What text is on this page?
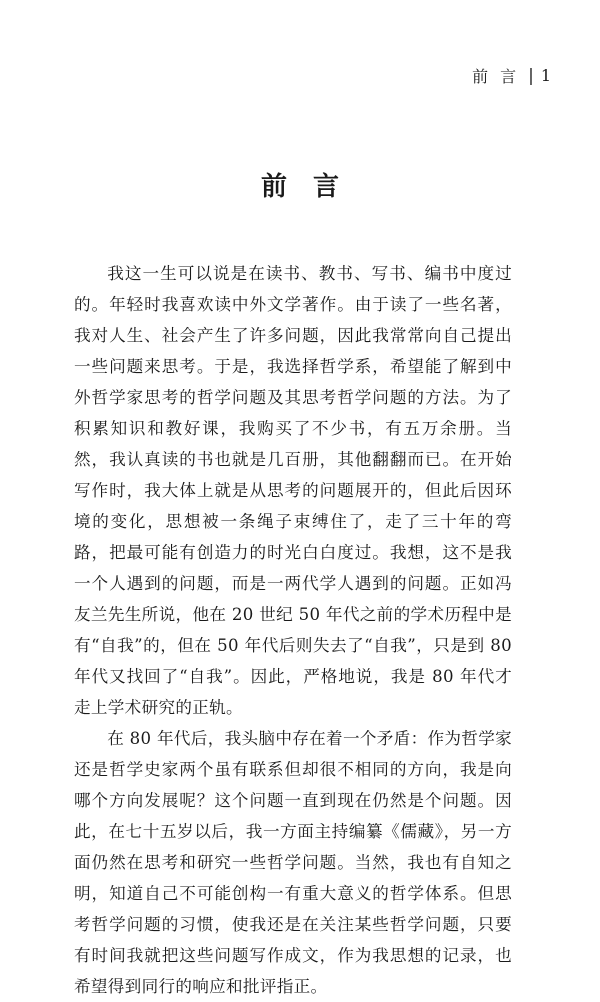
前言 | 1
前言

我这一生可以说是在读书、教书、写书、编书中度过的。年轻时我喜欢读中外文学著作。由于读了一些名著，我对人生、社会产生了许多问题，因此我常常向自己提出一些问题来思考。于是，我选择哲学系，希望能了解到中外哲学家思考的哲学问题及其思考哲学问题的方法。为了积累知识和教好课，我购买了不少书，有五万余册。当然，我认真读的书也就是几百册，其他翻翻而已。在开始写作时，我大体上就是从思考的问题展开的，但此后因环境的变化，思想被一条绳子束缚住了，走了三十年的弯路，把最可能有创造力的时光白白度过。我想，这不是我一个人遇到的问题，而是一两代学人遇到的问题。正如冯友兰先生所说，他在 20 世纪 50 年代之前的学术历程中是有“自我”的，但在 50 年代后则失去了“自我”，只是到 80 年代又找回了“自我”。因此，严格地说，我是 80 年代才走上学术研究的正轨。

在 80 年代后，我头脑中存在着一个矛盾：作为哲学家还是哲学史家两个虽有联系但却很不相同的方向，我是向哪个方向发展呢？这个问题一直到现在仍然是个问题。因此，在七十五岁以后，我一方面主持编纂《儒藏》，另一方面仍然在思考和研究一些哲学问题。当然，我也有自知之明，知道自己不可能创构一有重大意义的哲学体系。但思考哲学问题的习惯，使我还是在关注某些哲学问题，只要有时间我就把这些问题写作成文，作为我思想的记录，也希望得到同行的响应和批评指正。
